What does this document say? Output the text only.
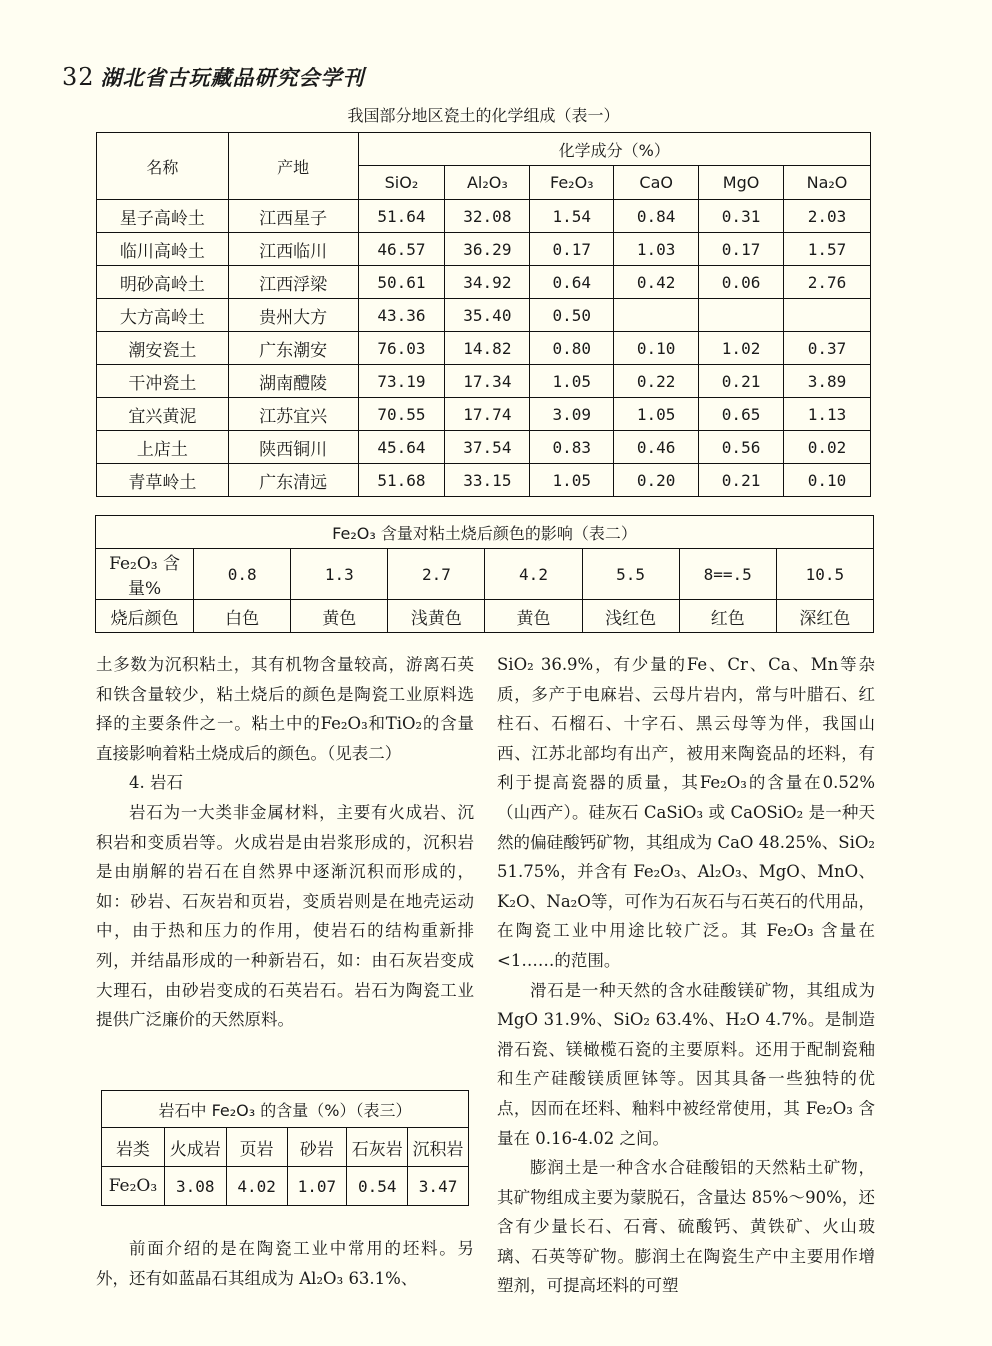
32 湖北省古玩藏品研究会学刊
我国部分地区瓷土的化学组成（表一）
名称	产地	化学成分（%）					
		SiO₂	Al₂O₃	Fe₂O₃	CaO	MgO	Na₂O
星子高岭土	江西星子	51.64	32.08	1.54	0.84	0.31	2.03
临川高岭土	江西临川	46.57	36.29	0.17	1.03	0.17	1.57
明砂高岭土	江西浮梁	50.61	34.92	0.64	0.42	0.06	2.76
大方高岭土	贵州大方	43.36	35.40	0.50			
潮安瓷土	广东潮安	76.03	14.82	0.80	0.10	1.02	0.37
干冲瓷土	湖南醴陵	73.19	17.34	1.05	0.22	0.21	3.89
宜兴黄泥	江苏宜兴	70.55	17.74	3.09	1.05	0.65	1.13
上店土	陕西铜川	45.64	37.54	0.83	0.46	0.56	0.02
青草岭土	广东清远	51.68	33.15	1.05	0.20	0.21	0.10
Fe₂O₃ 含量对粘土烧后颜色的影响（表二）							
Fe₂O₃ 含量%	0.8	1.3	2.7	4.2	5.5	8==.5	10.5
烧后颜色	白色	黄色	浅黄色	黄色	浅红色	红色	深红色

土多数为沉积粘土，其有机物含量较高，游离石英和铁含量较少，粘土烧后的颜色是陶瓷工业原料选择的主要条件之一。粘土中的Fe₂O₃和TiO₂的含量直接影响着粘土烧成后的颜色。（见表二）

4. 岩石

岩石为一大类非金属材料，主要有火成岩、沉积岩和变质岩等。火成岩是由岩浆形成的，沉积岩是由崩解的岩石在自然界中逐渐沉积而形成的，如：砂岩、石灰岩和页岩，变质岩则是在地壳运动中，由于热和压力的作用，使岩石的结构重新排列，并结晶形成的一种新岩石，如：由石灰岩变成大理石，由砂岩变成的石英岩石。岩石为陶瓷工业提供广泛廉价的天然原料。

岩石中 Fe₂O₃ 的含量（%）（表三）					
岩类	火成岩	页岩	砂岩	石灰岩	沉积岩
Fe₂O₃	3.08	4.02	1.07	0.54	3.47

前面介绍的是在陶瓷工业中常用的坯料。另外，还有如蓝晶石其组成为 Al₂O₃ 63.1%、

SiO₂ 36.9%，有少量的Fe、Cr、Ca、Mn等杂质，多产于电麻岩、云母片岩内，常与叶腊石、红柱石、石榴石、十字石、黑云母等为伴，我国山西、江苏北部均有出产，被用来陶瓷品的坯料，有利于提高瓷器的质量，其Fe₂O₃的含量在0.52%（山西产）。硅灰石 CaSiO₃ 或 CaOSiO₂ 是一种天然的偏硅酸钙矿物，其组成为 CaO 48.25%、SiO₂ 51.75%，并含有 Fe₂O₃、Al₂O₃、MgO、MnO、K₂O、Na₂O等，可作为石灰石与石英石的代用品，在陶瓷工业中用途比较广泛。其 Fe₂O₃ 含量在<1……的范围。

滑石是一种天然的含水硅酸镁矿物，其组成为 MgO 31.9%、SiO₂ 63.4%、H₂O 4.7%。是制造滑石瓷、镁橄榄石瓷的主要原料。还用于配制瓷釉和生产硅酸镁质匣钵等。因其具备一些独特的优点，因而在坯料、釉料中被经常使用，其 Fe₂O₃ 含量在 0.16-4.02 之间。

膨润土是一种含水合硅酸铝的天然粘土矿物，其矿物组成主要为蒙脱石，含量达 85%～90%，还含有少量长石、石膏、硫酸钙、黄铁矿、火山玻璃、石英等矿物。膨润土在陶瓷生产中主要用作增塑剂，可提高坯料的可塑
